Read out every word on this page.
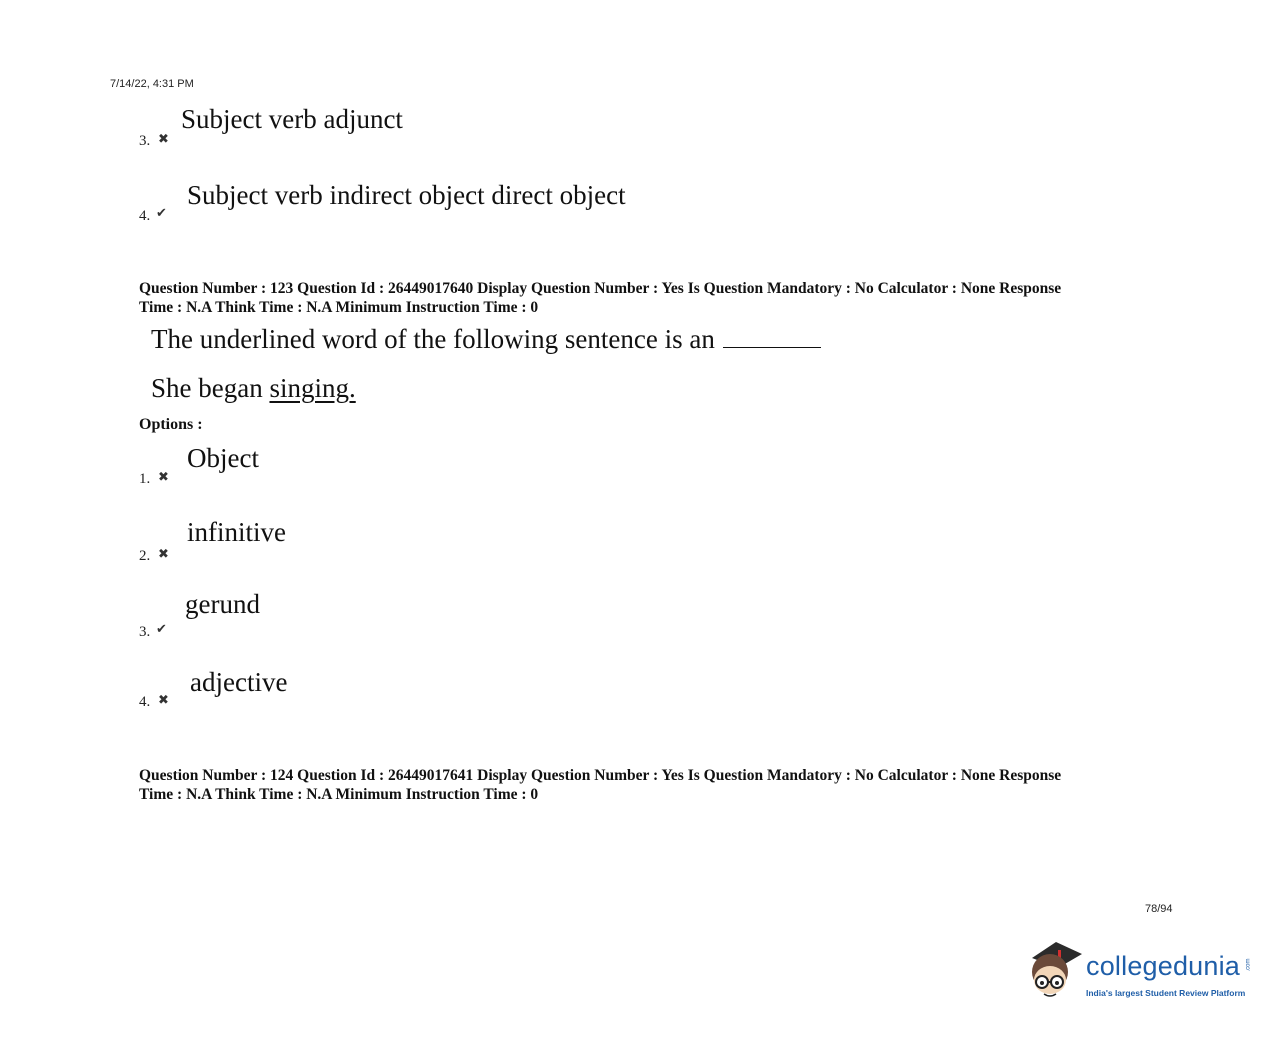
7/14/22, 4:31 PM
3. ✖
Subject verb adjunct
4. ✔
Subject verb indirect object direct object
Question Number : 123 Question Id : 26449017640 Display Question Number : Yes Is Question Mandatory : No Calculator : None Response
Time : N.A Think Time : N.A Minimum Instruction Time : 0
The underlined word of the following sentence is an
She began singing.
Options :
1. ✖
Object
2. ✖
infinitive
3. ✔
gerund
4. ✖
adjective
Question Number : 124 Question Id : 26449017641 Display Question Number : Yes Is Question Mandatory : No Calculator : None Response
Time : N.A Think Time : N.A Minimum Instruction Time : 0
78/94
collegedunia .com
India's largest Student Review Platform
